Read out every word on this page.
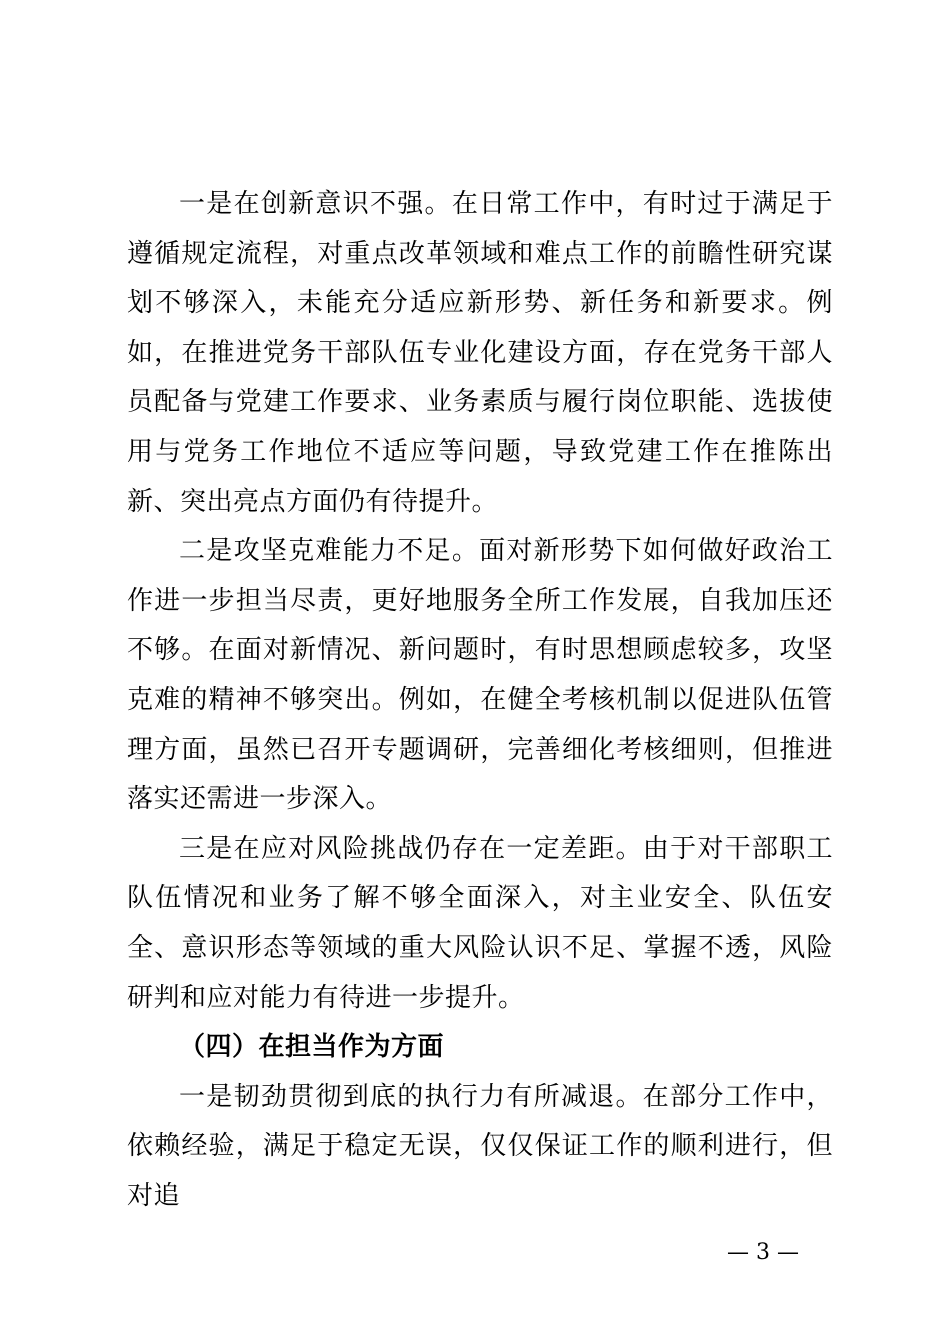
一是在创新意识不强。在日常工作中，有时过于满足于遵循规定流程，对重点改革领域和难点工作的前瞻性研究谋划不够深入，未能充分适应新形势、新任务和新要求。例如，在推进党务干部队伍专业化建设方面，存在党务干部人员配备与党建工作要求、业务素质与履行岗位职能、选拔使用与党务工作地位不适应等问题，导致党建工作在推陈出新、突出亮点方面仍有待提升。

二是攻坚克难能力不足。面对新形势下如何做好政治工作进一步担当尽责，更好地服务全所工作发展，自我加压还不够。在面对新情况、新问题时，有时思想顾虑较多，攻坚克难的精神不够突出。例如，在健全考核机制以促进队伍管理方面，虽然已召开专题调研，完善细化考核细则，但推进落实还需进一步深入。

三是在应对风险挑战仍存在一定差距。由于对干部职工队伍情况和业务了解不够全面深入，对主业安全、队伍安全、意识形态等领域的重大风险认识不足、掌握不透，风险研判和应对能力有待进一步提升。

（四）在担当作为方面

一是韧劲贯彻到底的执行力有所减退。在部分工作中，依赖经验，满足于稳定无误，仅仅保证工作的顺利进行，但对追

— 3 —
